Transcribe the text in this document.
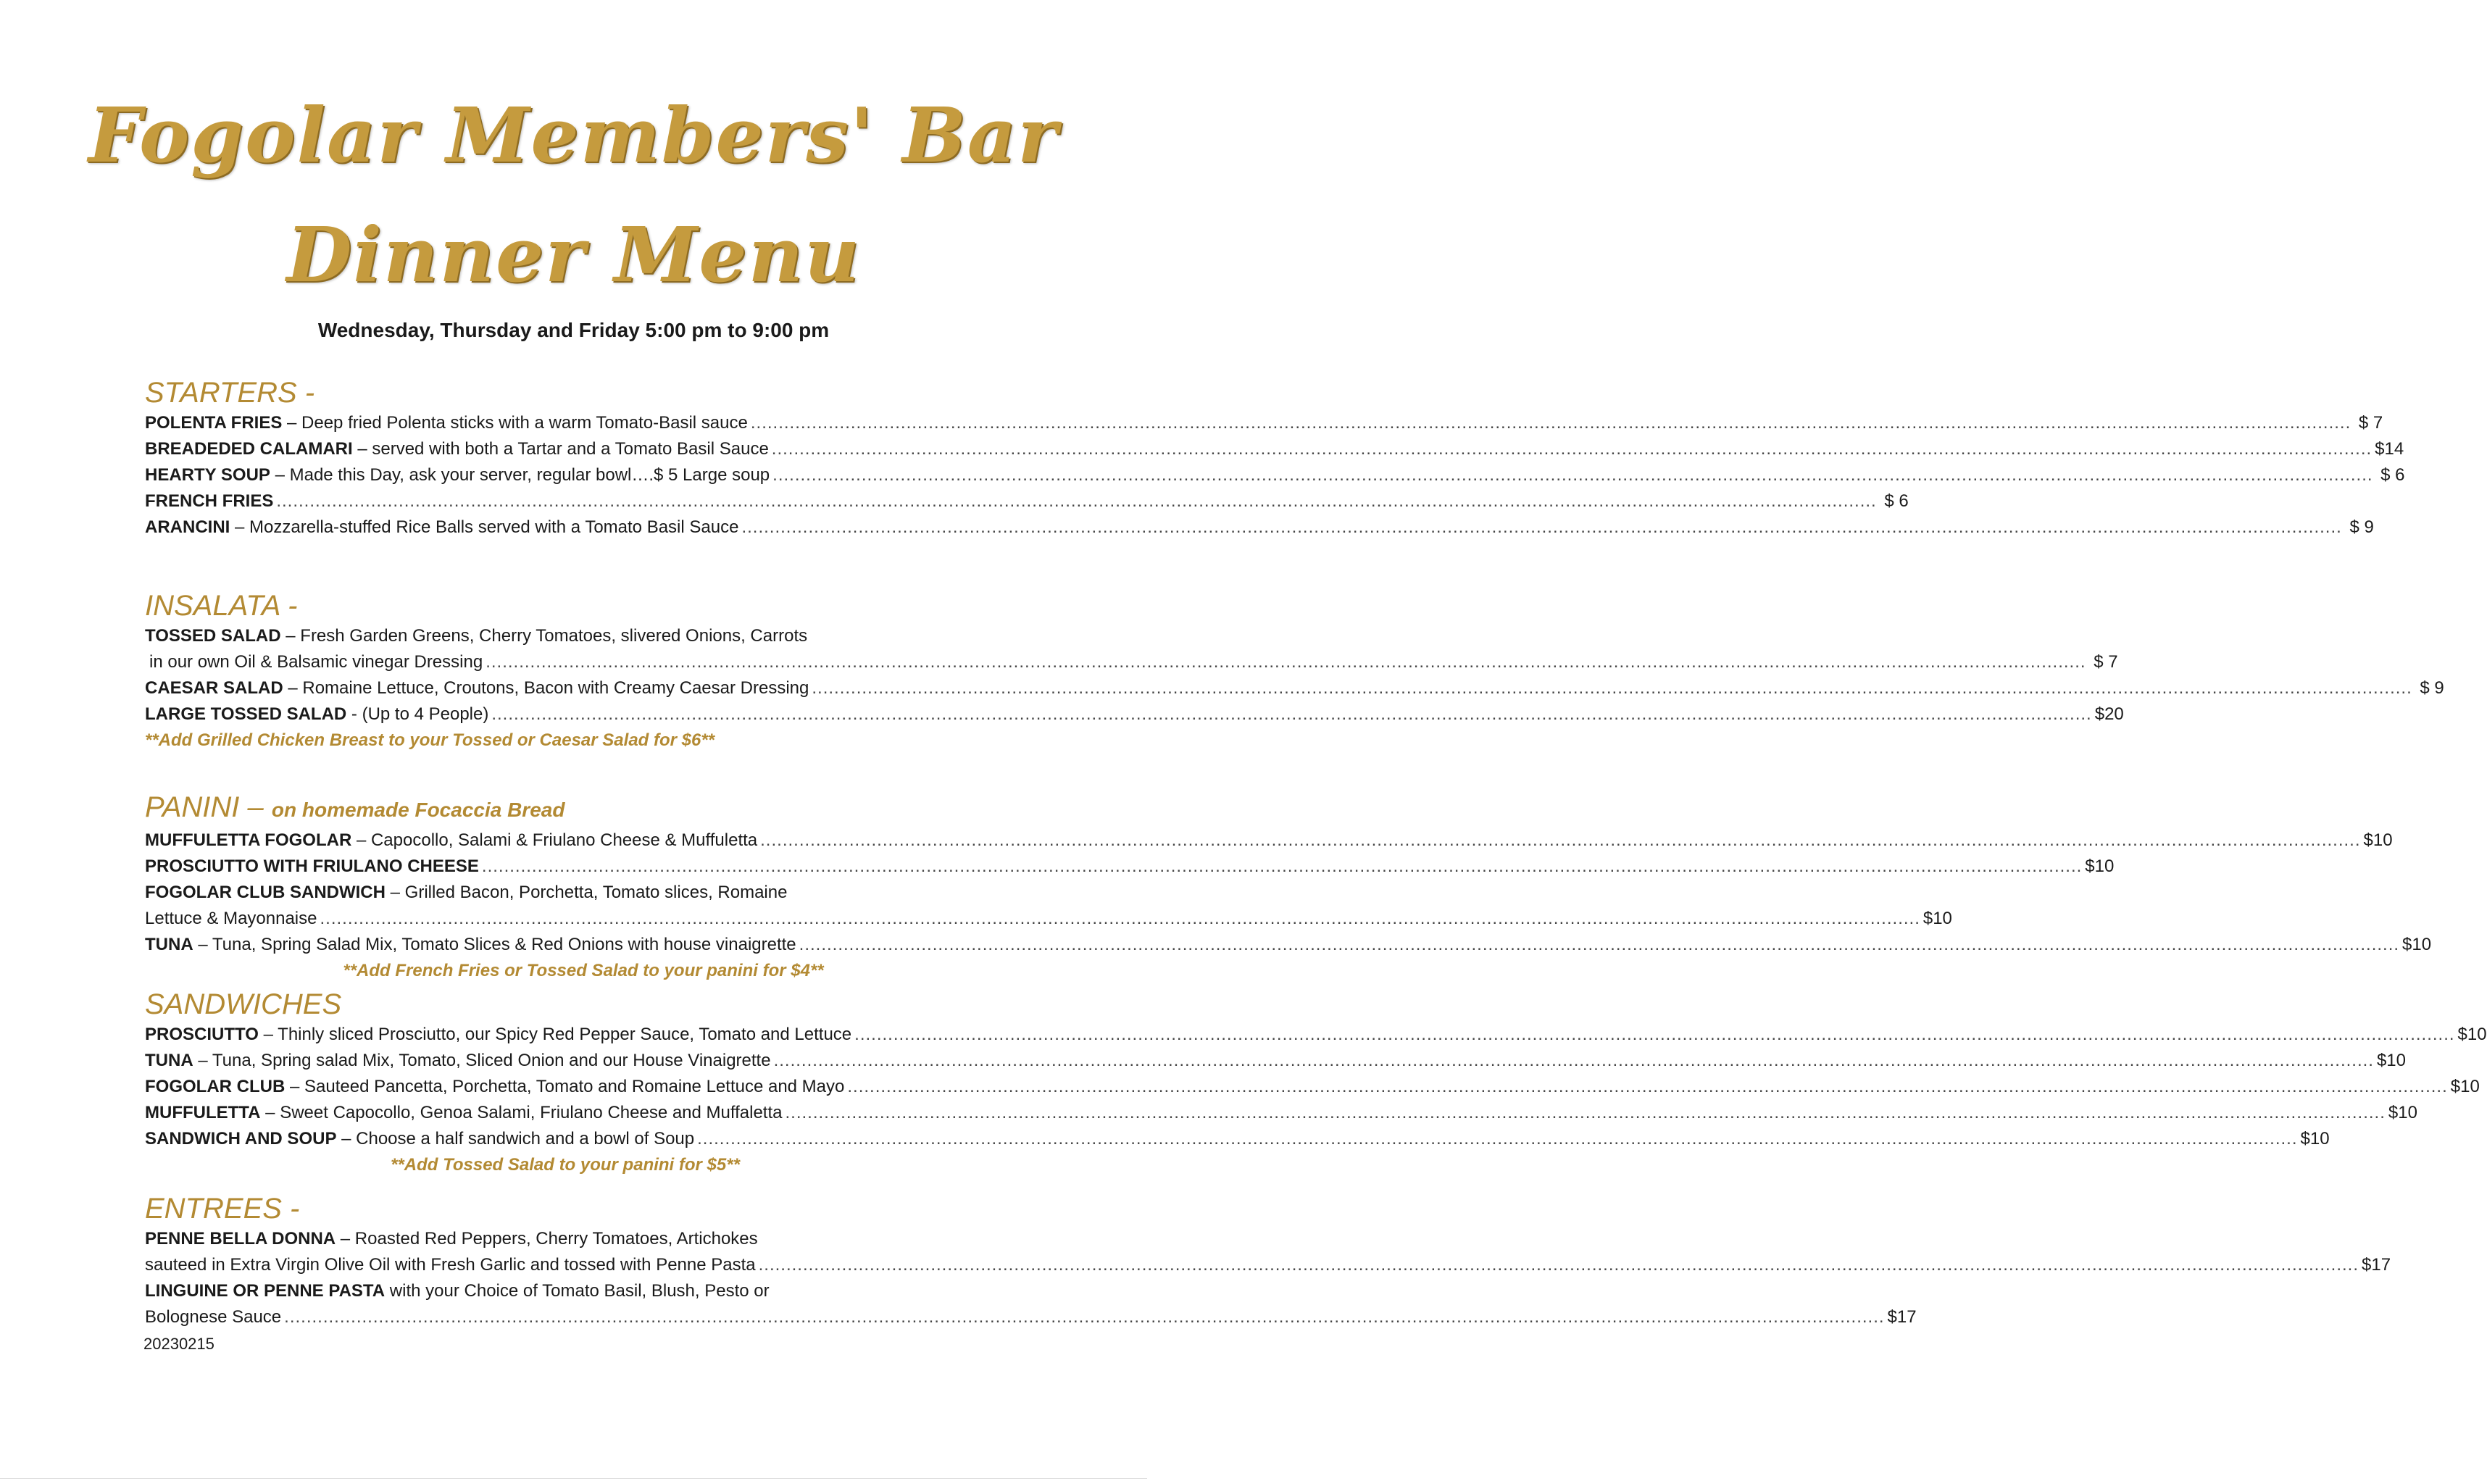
Fogolar Members' Bar
Dinner Menu
Wednesday, Thursday and Friday 5:00 pm to 9:00 pm
STARTERS -
POLENTA FRIES – Deep fried Polenta sticks with a warm Tomato-Basil sauce .....	$ 7
BREADEDED CALAMARI – served with both a Tartar and a Tomato Basil Sauce .....	$14
HEARTY SOUP – Made this Day, ask your server, regular bowl….$ 5 Large soup .....	$ 6
FRENCH FRIES .....	$ 6
ARANCINI – Mozzarella-stuffed Rice Balls served with a Tomato Basil Sauce .....	$ 9
INSALATA -
TOSSED SALAD – Fresh Garden Greens, Cherry Tomatoes, slivered Onions, Carrots
in our own Oil & Balsamic vinegar Dressing .....	$ 7
CAESAR SALAD – Romaine Lettuce, Croutons, Bacon with Creamy Caesar Dressing .....	$ 9
LARGE TOSSED SALAD - (Up to 4 People) .....	$20
**Add Grilled Chicken Breast to your Tossed or Caesar Salad for $6**
PANINI – on homemade Focaccia Bread
MUFFULETTA FOGOLAR – Capocollo, Salami & Friulano Cheese & Muffuletta .....	$10
PROSCIUTTO WITH FRIULANO CHEESE .....	$10
FOGOLAR CLUB SANDWICH – Grilled Bacon, Porchetta, Tomato slices, Romaine
Lettuce & Mayonnaise .....	$10
TUNA – Tuna, Spring Salad Mix, Tomato Slices & Red Onions with house vinaigrette .....	$10
**Add French Fries or Tossed Salad to your panini for $4**
SANDWICHES
PROSCIUTTO – Thinly sliced Prosciutto, our Spicy Red Pepper Sauce, Tomato and Lettuce .....	$10
TUNA – Tuna, Spring salad Mix, Tomato, Sliced Onion and our House Vinaigrette .....	$10
FOGOLAR CLUB – Sauteed Pancetta, Porchetta, Tomato and Romaine Lettuce and Mayo .....	$10
MUFFULETTA – Sweet Capocollo, Genoa Salami, Friulano Cheese and Muffaletta .....	$10
SANDWICH AND SOUP – Choose a half sandwich and a bowl of Soup .....	$10
**Add Tossed Salad to your panini for $5**
ENTREES -
PENNE BELLA DONNA – Roasted Red Peppers, Cherry Tomatoes, Artichokes
sauteed in Extra Virgin Olive Oil with Fresh Garlic and tossed with Penne Pasta .....	$17
LINGUINE OR PENNE PASTA with your Choice of Tomato Basil, Blush, Pesto or
Bolognese Sauce .....	$17
20230215
